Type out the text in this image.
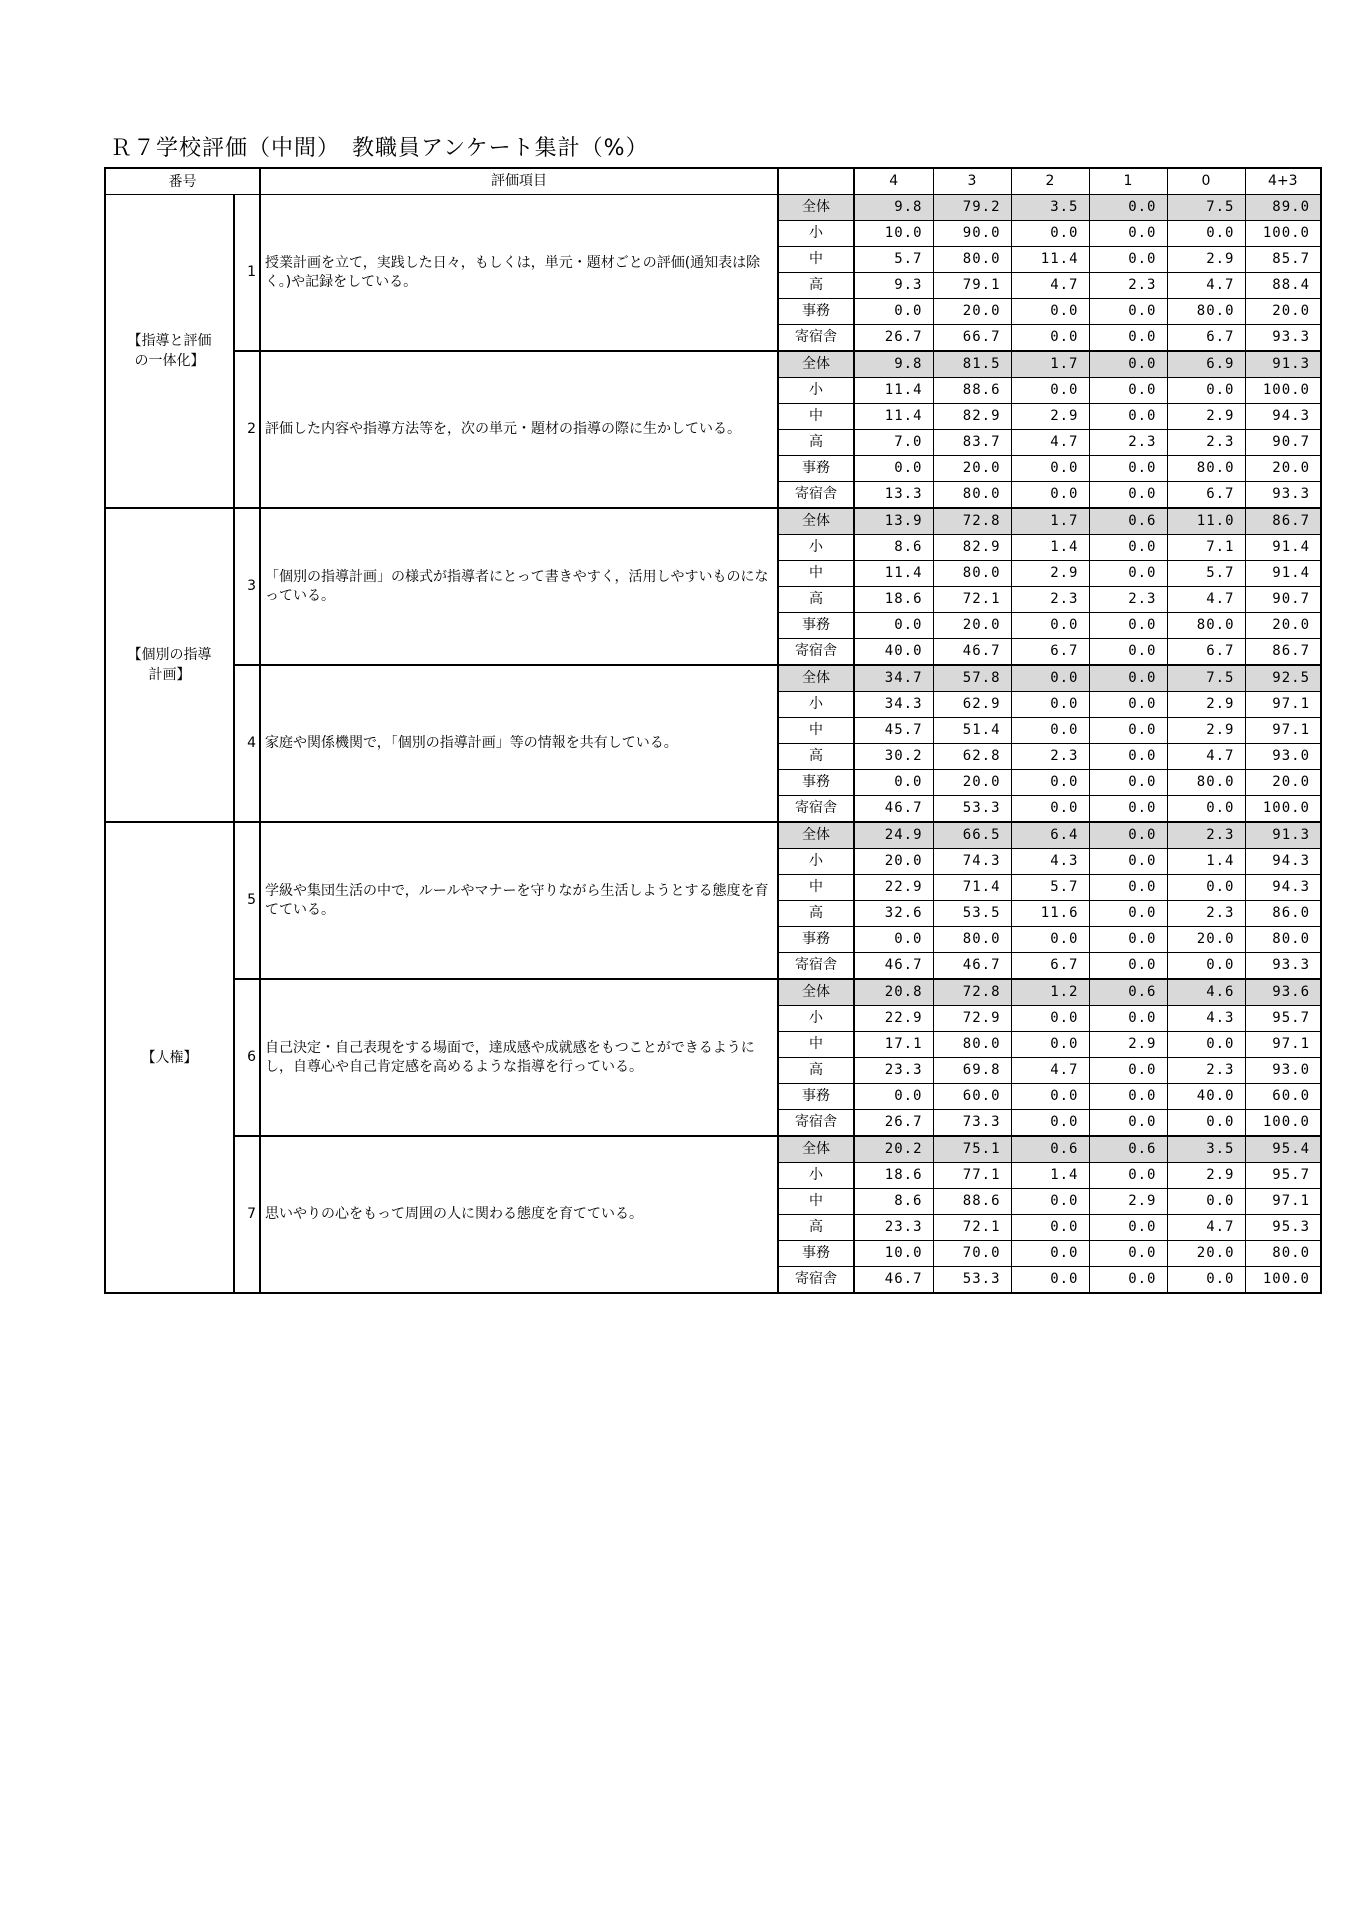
Ｒ７学校評価（中間）　教職員アンケート集計（%）
番号		評価項目		4	3	2	1	0	4+3

【指導と評価
の一体化】	1	授業計画を立て，実践した日々，もしくは，単元・題材ごとの評価(通知表は除く。)や記録をしている。	全体	9.8	79.2	3.5	0.0	7.5	89.0
			小	10.0	90.0	0.0	0.0	0.0	100.0
			中	5.7	80.0	11.4	0.0	2.9	85.7
			高	9.3	79.1	4.7	2.3	4.7	88.4
			事務	0.0	20.0	0.0	0.0	80.0	20.0
			寄宿舎	26.7	66.7	0.0	0.0	6.7	93.3
	2	評価した内容や指導方法等を，次の単元・題材の指導の際に生かしている。	全体	9.8	81.5	1.7	0.0	6.9	91.3
			小	11.4	88.6	0.0	0.0	0.0	100.0
			中	11.4	82.9	2.9	0.0	2.9	94.3
			高	7.0	83.7	4.7	2.3	2.3	90.7
			事務	0.0	20.0	0.0	0.0	80.0	20.0
			寄宿舎	13.3	80.0	0.0	0.0	6.7	93.3

【個別の指導
計画】	3	「個別の指導計画」の様式が指導者にとって書きやすく，活用しやすいものになっている。	全体	13.9	72.8	1.7	0.6	11.0	86.7
			小	8.6	82.9	1.4	0.0	7.1	91.4
			中	11.4	80.0	2.9	0.0	5.7	91.4
			高	18.6	72.1	2.3	2.3	4.7	90.7
			事務	0.0	20.0	0.0	0.0	80.0	20.0
			寄宿舎	40.0	46.7	6.7	0.0	6.7	86.7
	4	家庭や関係機関で，「個別の指導計画」等の情報を共有している。	全体	34.7	57.8	0.0	0.0	7.5	92.5
			小	34.3	62.9	0.0	0.0	2.9	97.1
			中	45.7	51.4	0.0	0.0	2.9	97.1
			高	30.2	62.8	2.3	0.0	4.7	93.0
			事務	0.0	20.0	0.0	0.0	80.0	20.0
			寄宿舎	46.7	53.3	0.0	0.0	0.0	100.0

【人権】	5	学級や集団生活の中で，ルールやマナーを守りながら生活しようとする態度を育てている。	全体	24.9	66.5	6.4	0.0	2.3	91.3
			小	20.0	74.3	4.3	0.0	1.4	94.3
			中	22.9	71.4	5.7	0.0	0.0	94.3
			高	32.6	53.5	11.6	0.0	2.3	86.0
			事務	0.0	80.0	0.0	0.0	20.0	80.0
			寄宿舎	46.7	46.7	6.7	0.0	0.0	93.3
	6	自己決定・自己表現をする場面で，達成感や成就感をもつことができるようにし，自尊心や自己肯定感を高めるような指導を行っている。	全体	20.8	72.8	1.2	0.6	4.6	93.6
			小	22.9	72.9	0.0	0.0	4.3	95.7
			中	17.1	80.0	0.0	2.9	0.0	97.1
			高	23.3	69.8	4.7	0.0	2.3	93.0
			事務	0.0	60.0	0.0	0.0	40.0	60.0
			寄宿舎	26.7	73.3	0.0	0.0	0.0	100.0
	7	思いやりの心をもって周囲の人に関わる態度を育てている。	全体	20.2	75.1	0.6	0.6	3.5	95.4
			小	18.6	77.1	1.4	0.0	2.9	95.7
			中	8.6	88.6	0.0	2.9	0.0	97.1
			高	23.3	72.1	0.0	0.0	4.7	95.3
			事務	10.0	70.0	0.0	0.0	20.0	80.0
			寄宿舎	46.7	53.3	0.0	0.0	0.0	100.0
